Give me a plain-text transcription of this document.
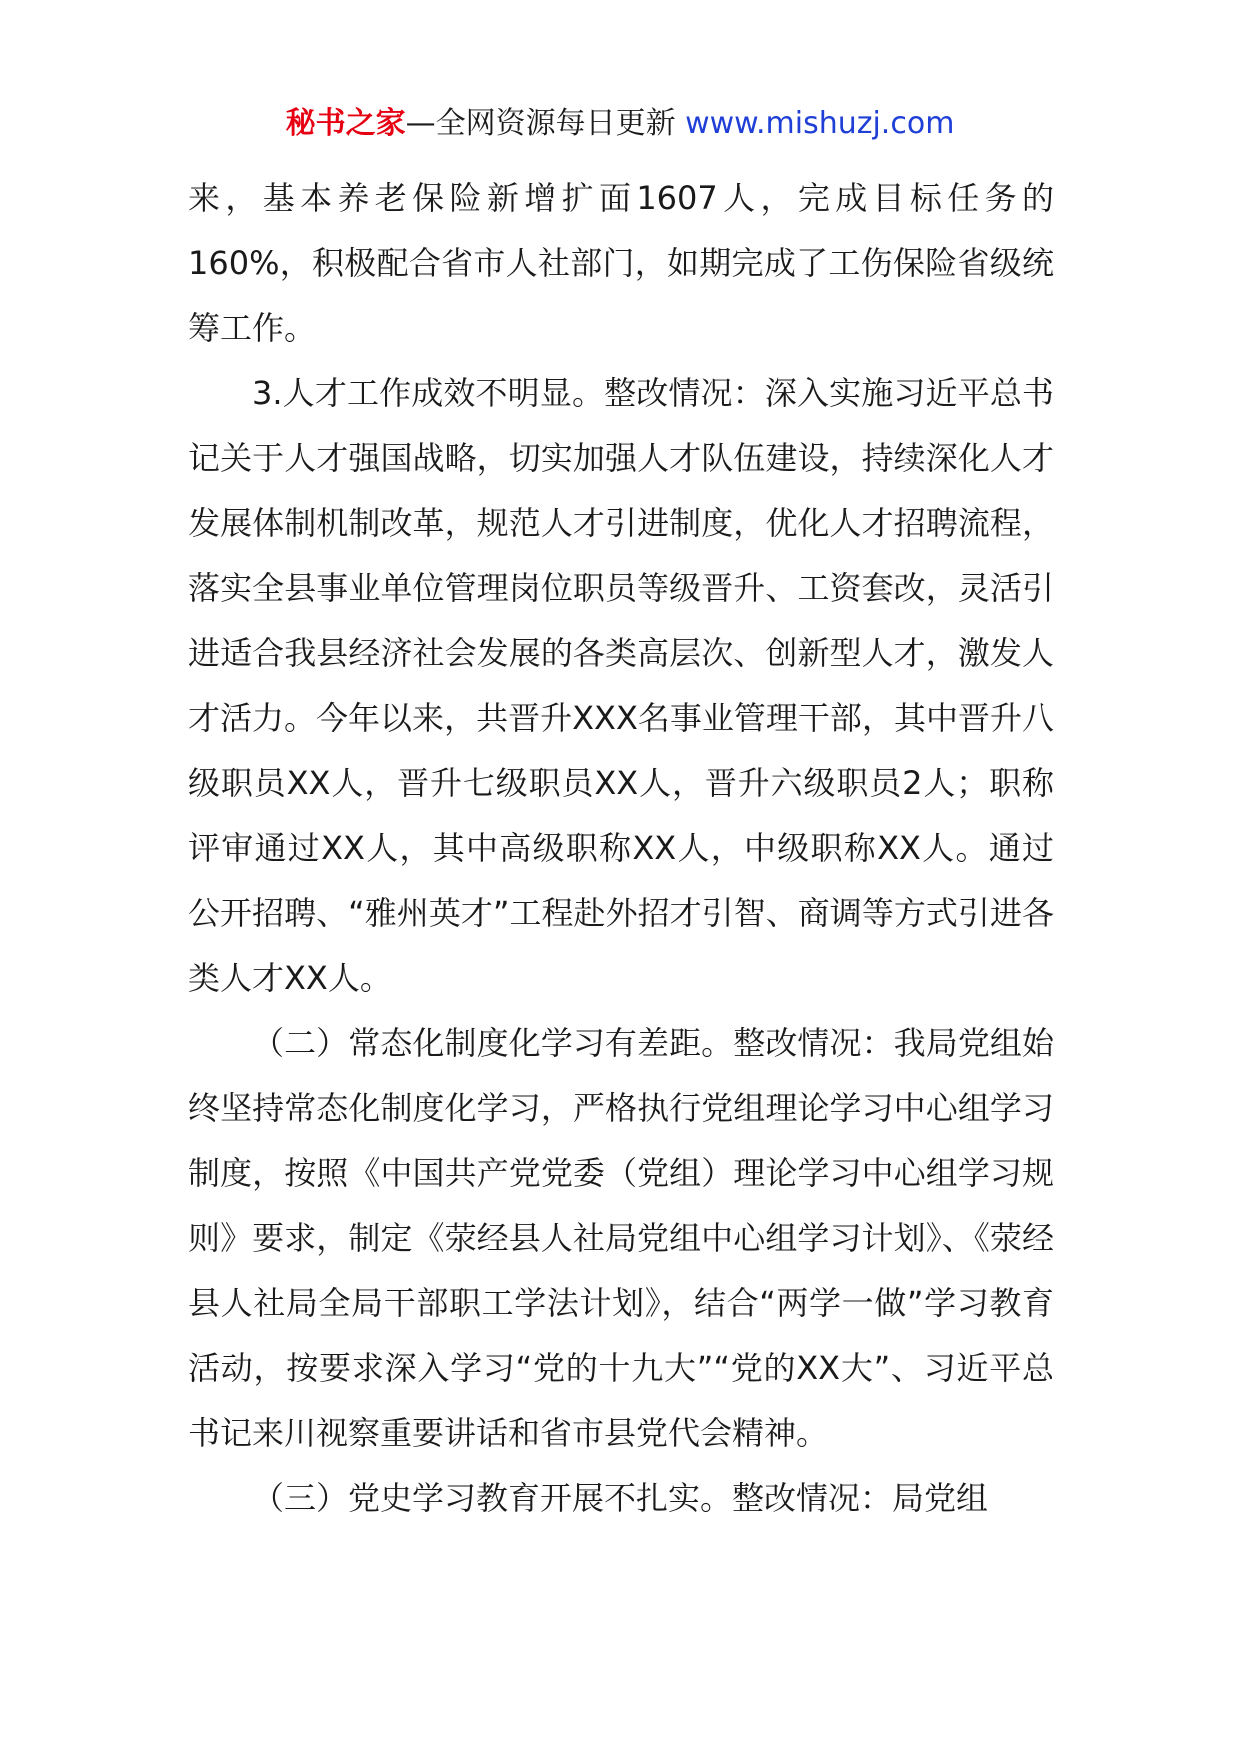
秘书之家—全网资源每日更新 www.mishuzj.com

来，基本养老保险新增扩面1607人，完成目标任务的160%，积极配合省市人社部门，如期完成了工伤保险省级统筹工作。

3.人才工作成效不明显。整改情况：深入实施习近平总书记关于人才强国战略，切实加强人才队伍建设，持续深化人才发展体制机制改革，规范人才引进制度，优化人才招聘流程，落实全县事业单位管理岗位职员等级晋升、工资套改，灵活引进适合我县经济社会发展的各类高层次、创新型人才，激发人才活力。今年以来，共晋升XXX名事业管理干部，其中晋升八级职员XX人，晋升七级职员XX人，晋升六级职员2人；职称评审通过XX人，其中高级职称XX人，中级职称XX人。通过公开招聘、“雅州英才”工程赴外招才引智、商调等方式引进各类人才XX人。

（二）常态化制度化学习有差距。整改情况：我局党组始终坚持常态化制度化学习，严格执行党组理论学习中心组学习制度，按照《中国共产党党委（党组）理论学习中心组学习规则》要求，制定《荥经县人社局党组中心组学习计划》、《荥经县人社局全局干部职工学法计划》，结合“两学一做”学习教育活动，按要求深入学习“党的十九大”“党的XX大”、习近平总书记来川视察重要讲话和省市县党代会精神。

（三）党史学习教育开展不扎实。整改情况：局党组
